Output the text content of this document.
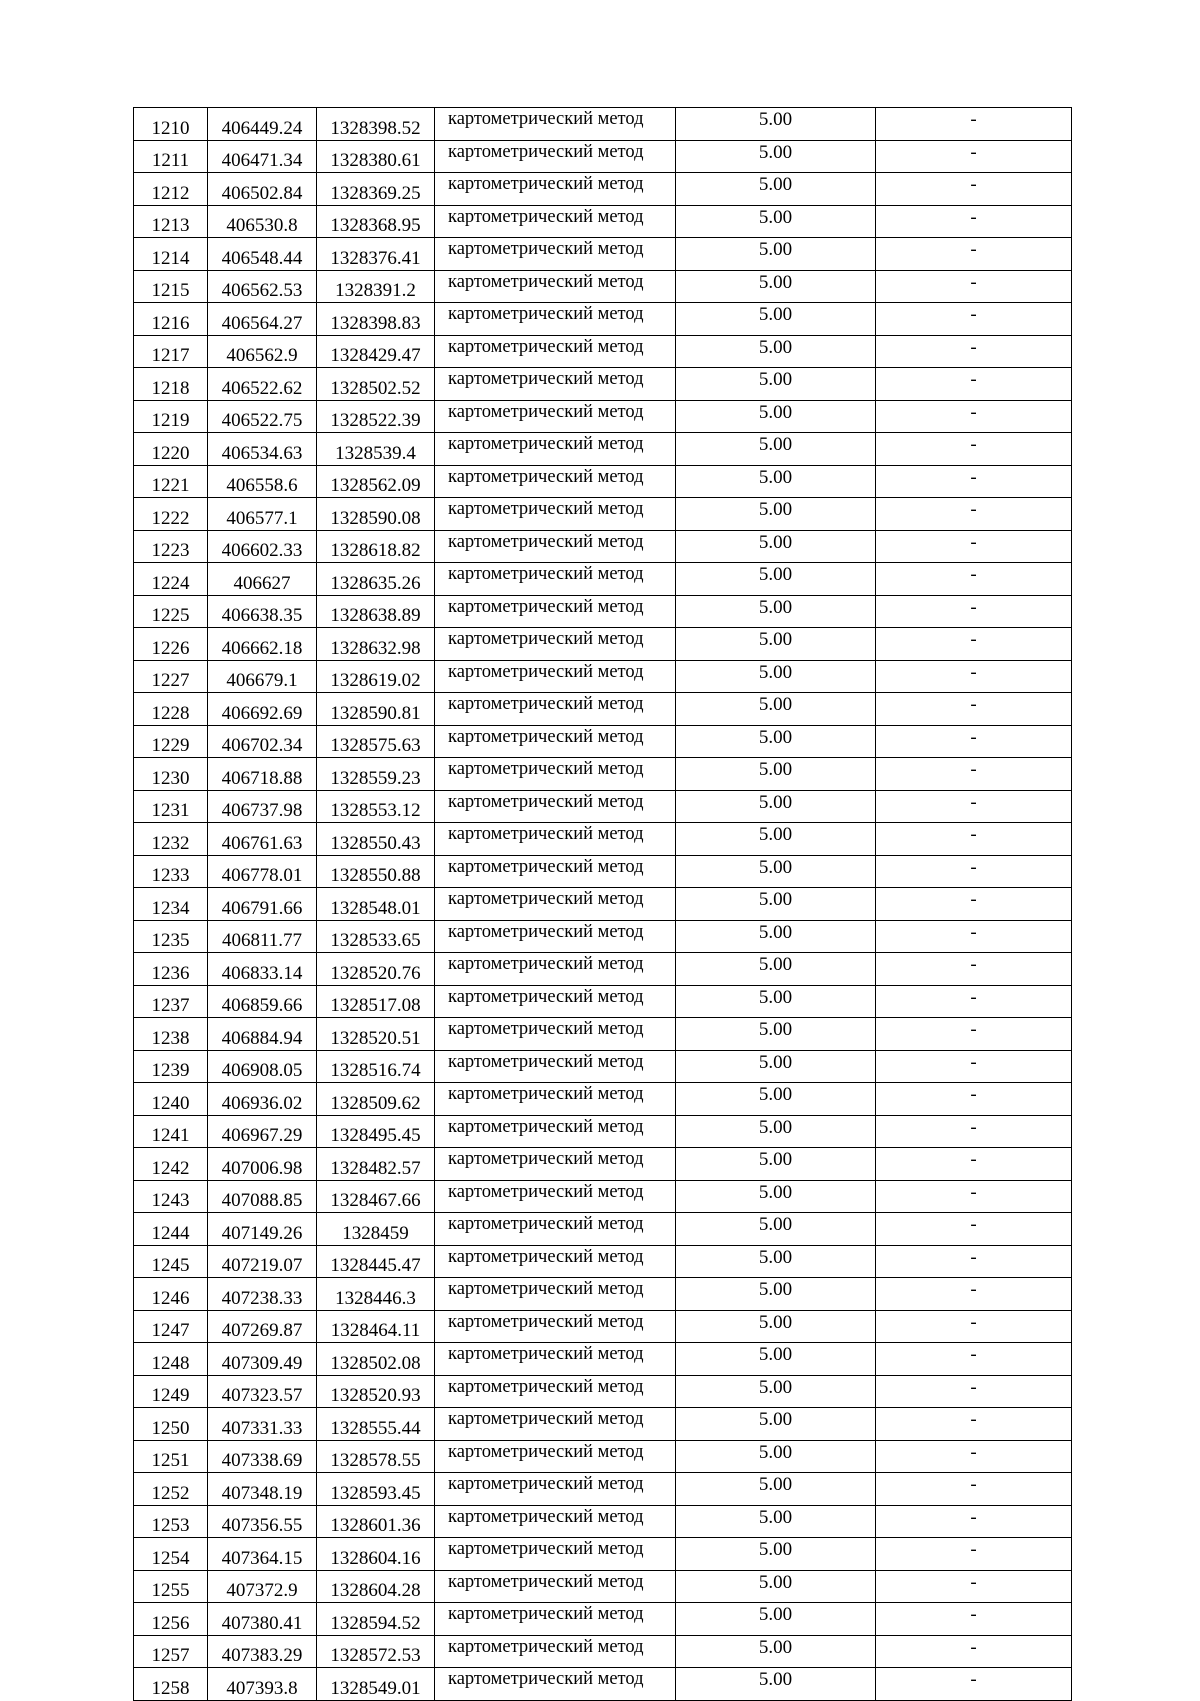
1210	406449.24	1328398.52	картометрический метод	5.00	-
1211	406471.34	1328380.61	картометрический метод	5.00	-
1212	406502.84	1328369.25	картометрический метод	5.00	-
1213	406530.8	1328368.95	картометрический метод	5.00	-
1214	406548.44	1328376.41	картометрический метод	5.00	-
1215	406562.53	1328391.2	картометрический метод	5.00	-
1216	406564.27	1328398.83	картометрический метод	5.00	-
1217	406562.9	1328429.47	картометрический метод	5.00	-
1218	406522.62	1328502.52	картометрический метод	5.00	-
1219	406522.75	1328522.39	картометрический метод	5.00	-
1220	406534.63	1328539.4	картометрический метод	5.00	-
1221	406558.6	1328562.09	картометрический метод	5.00	-
1222	406577.1	1328590.08	картометрический метод	5.00	-
1223	406602.33	1328618.82	картометрический метод	5.00	-
1224	406627	1328635.26	картометрический метод	5.00	-
1225	406638.35	1328638.89	картометрический метод	5.00	-
1226	406662.18	1328632.98	картометрический метод	5.00	-
1227	406679.1	1328619.02	картометрический метод	5.00	-
1228	406692.69	1328590.81	картометрический метод	5.00	-
1229	406702.34	1328575.63	картометрический метод	5.00	-
1230	406718.88	1328559.23	картометрический метод	5.00	-
1231	406737.98	1328553.12	картометрический метод	5.00	-
1232	406761.63	1328550.43	картометрический метод	5.00	-
1233	406778.01	1328550.88	картометрический метод	5.00	-
1234	406791.66	1328548.01	картометрический метод	5.00	-
1235	406811.77	1328533.65	картометрический метод	5.00	-
1236	406833.14	1328520.76	картометрический метод	5.00	-
1237	406859.66	1328517.08	картометрический метод	5.00	-
1238	406884.94	1328520.51	картометрический метод	5.00	-
1239	406908.05	1328516.74	картометрический метод	5.00	-
1240	406936.02	1328509.62	картометрический метод	5.00	-
1241	406967.29	1328495.45	картометрический метод	5.00	-
1242	407006.98	1328482.57	картометрический метод	5.00	-
1243	407088.85	1328467.66	картометрический метод	5.00	-
1244	407149.26	1328459	картометрический метод	5.00	-
1245	407219.07	1328445.47	картометрический метод	5.00	-
1246	407238.33	1328446.3	картометрический метод	5.00	-
1247	407269.87	1328464.11	картометрический метод	5.00	-
1248	407309.49	1328502.08	картометрический метод	5.00	-
1249	407323.57	1328520.93	картометрический метод	5.00	-
1250	407331.33	1328555.44	картометрический метод	5.00	-
1251	407338.69	1328578.55	картометрический метод	5.00	-
1252	407348.19	1328593.45	картометрический метод	5.00	-
1253	407356.55	1328601.36	картометрический метод	5.00	-
1254	407364.15	1328604.16	картометрический метод	5.00	-
1255	407372.9	1328604.28	картометрический метод	5.00	-
1256	407380.41	1328594.52	картометрический метод	5.00	-
1257	407383.29	1328572.53	картометрический метод	5.00	-
1258	407393.8	1328549.01	картометрический метод	5.00	-
